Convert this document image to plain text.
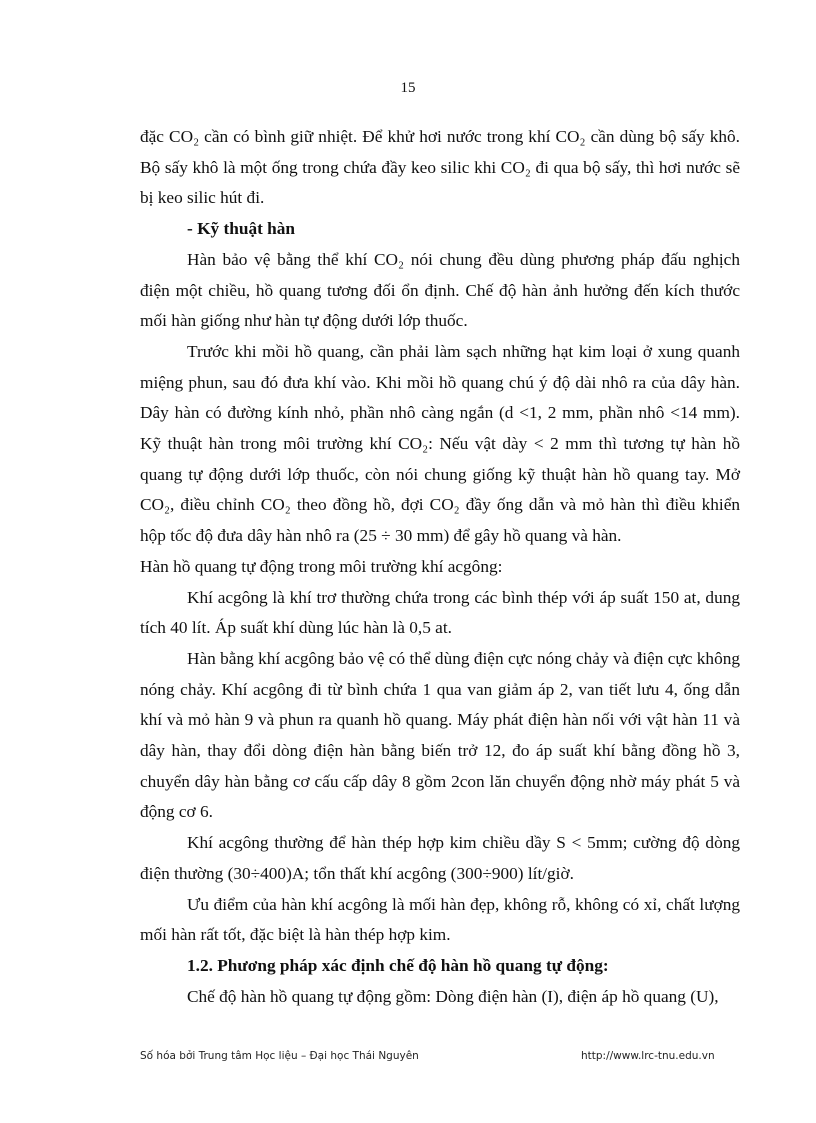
15

đặc CO₂ cần có bình giữ nhiệt. Để khử hơi nước trong khí CO₂ cần dùng bộ sấy khô. Bộ sấy khô là một ống trong chứa đầy keo silic khi CO₂ đi qua bộ sấy, thì hơi nước sẽ bị keo silic hút đi.

- Kỹ thuật hàn

Hàn bảo vệ bằng thể khí CO₂ nói chung đều dùng phương pháp đấu nghịch điện một chiều, hồ quang tương đối ổn định. Chế độ hàn ảnh hưởng đến kích thước mối hàn giống như hàn tự động dưới lớp thuốc.

Trước khi mồi hồ quang, cần phải làm sạch những hạt kim loại ở xung quanh miệng phun, sau đó đưa khí vào. Khi mồi hồ quang chú ý độ dài nhô ra của dây hàn. Dây hàn có đường kính nhỏ, phần nhô càng ngắn (d <1, 2 mm, phần nhô <14 mm). Kỹ thuật hàn trong môi trường khí CO₂: Nếu vật dày < 2 mm thì tương tự hàn hồ quang tự động dưới lớp thuốc, còn nói chung giống kỹ thuật hàn hồ quang tay. Mở CO₂, điều chỉnh CO₂ theo đồng hồ, đợi CO₂ đầy ống dẫn và mỏ hàn thì điều khiển hộp tốc độ đưa dây hàn nhô ra (25 ÷ 30 mm) để gây hồ quang và hàn.

Hàn hồ quang tự động trong môi trường khí acgông:

Khí acgông là khí trơ thường chứa trong các bình thép với áp suất 150 at, dung tích 40 lít. Áp suất khí dùng lúc hàn là 0,5 at.

Hàn bằng khí acgông bảo vệ có thể dùng điện cực nóng chảy và điện cực không nóng chảy. Khí acgông đi từ bình chứa 1 qua van giảm áp 2, van tiết lưu 4, ống dẫn khí và mỏ hàn 9 và phun ra quanh hồ quang. Máy phát điện hàn nối với vật hàn 11 và dây hàn, thay đổi dòng điện hàn bằng biến trở 12, đo áp suất khí bằng đồng hồ 3, chuyển dây hàn bằng cơ cấu cấp dây 8 gồm 2con lăn chuyển động nhờ máy phát 5 và động cơ 6.

Khí acgông thường để hàn thép hợp kim chiều dầy S < 5mm; cường độ dòng điện thường (30÷400)A; tổn thất khí acgông (300÷900) lít/giờ.

Ưu điểm của hàn khí acgông là mối hàn đẹp, không rỗ, không có xỉ, chất lượng mối hàn rất tốt, đặc biệt là hàn thép hợp kim.

1.2. Phương pháp xác định chế độ hàn hồ quang tự động:

Chế độ hàn hồ quang tự động gồm: Dòng điện hàn (I), điện áp hồ quang (U),

Số hóa bởi Trung tâm Học liệu – Đại học Thái Nguyên	http://www.lrc-tnu.edu.vn
